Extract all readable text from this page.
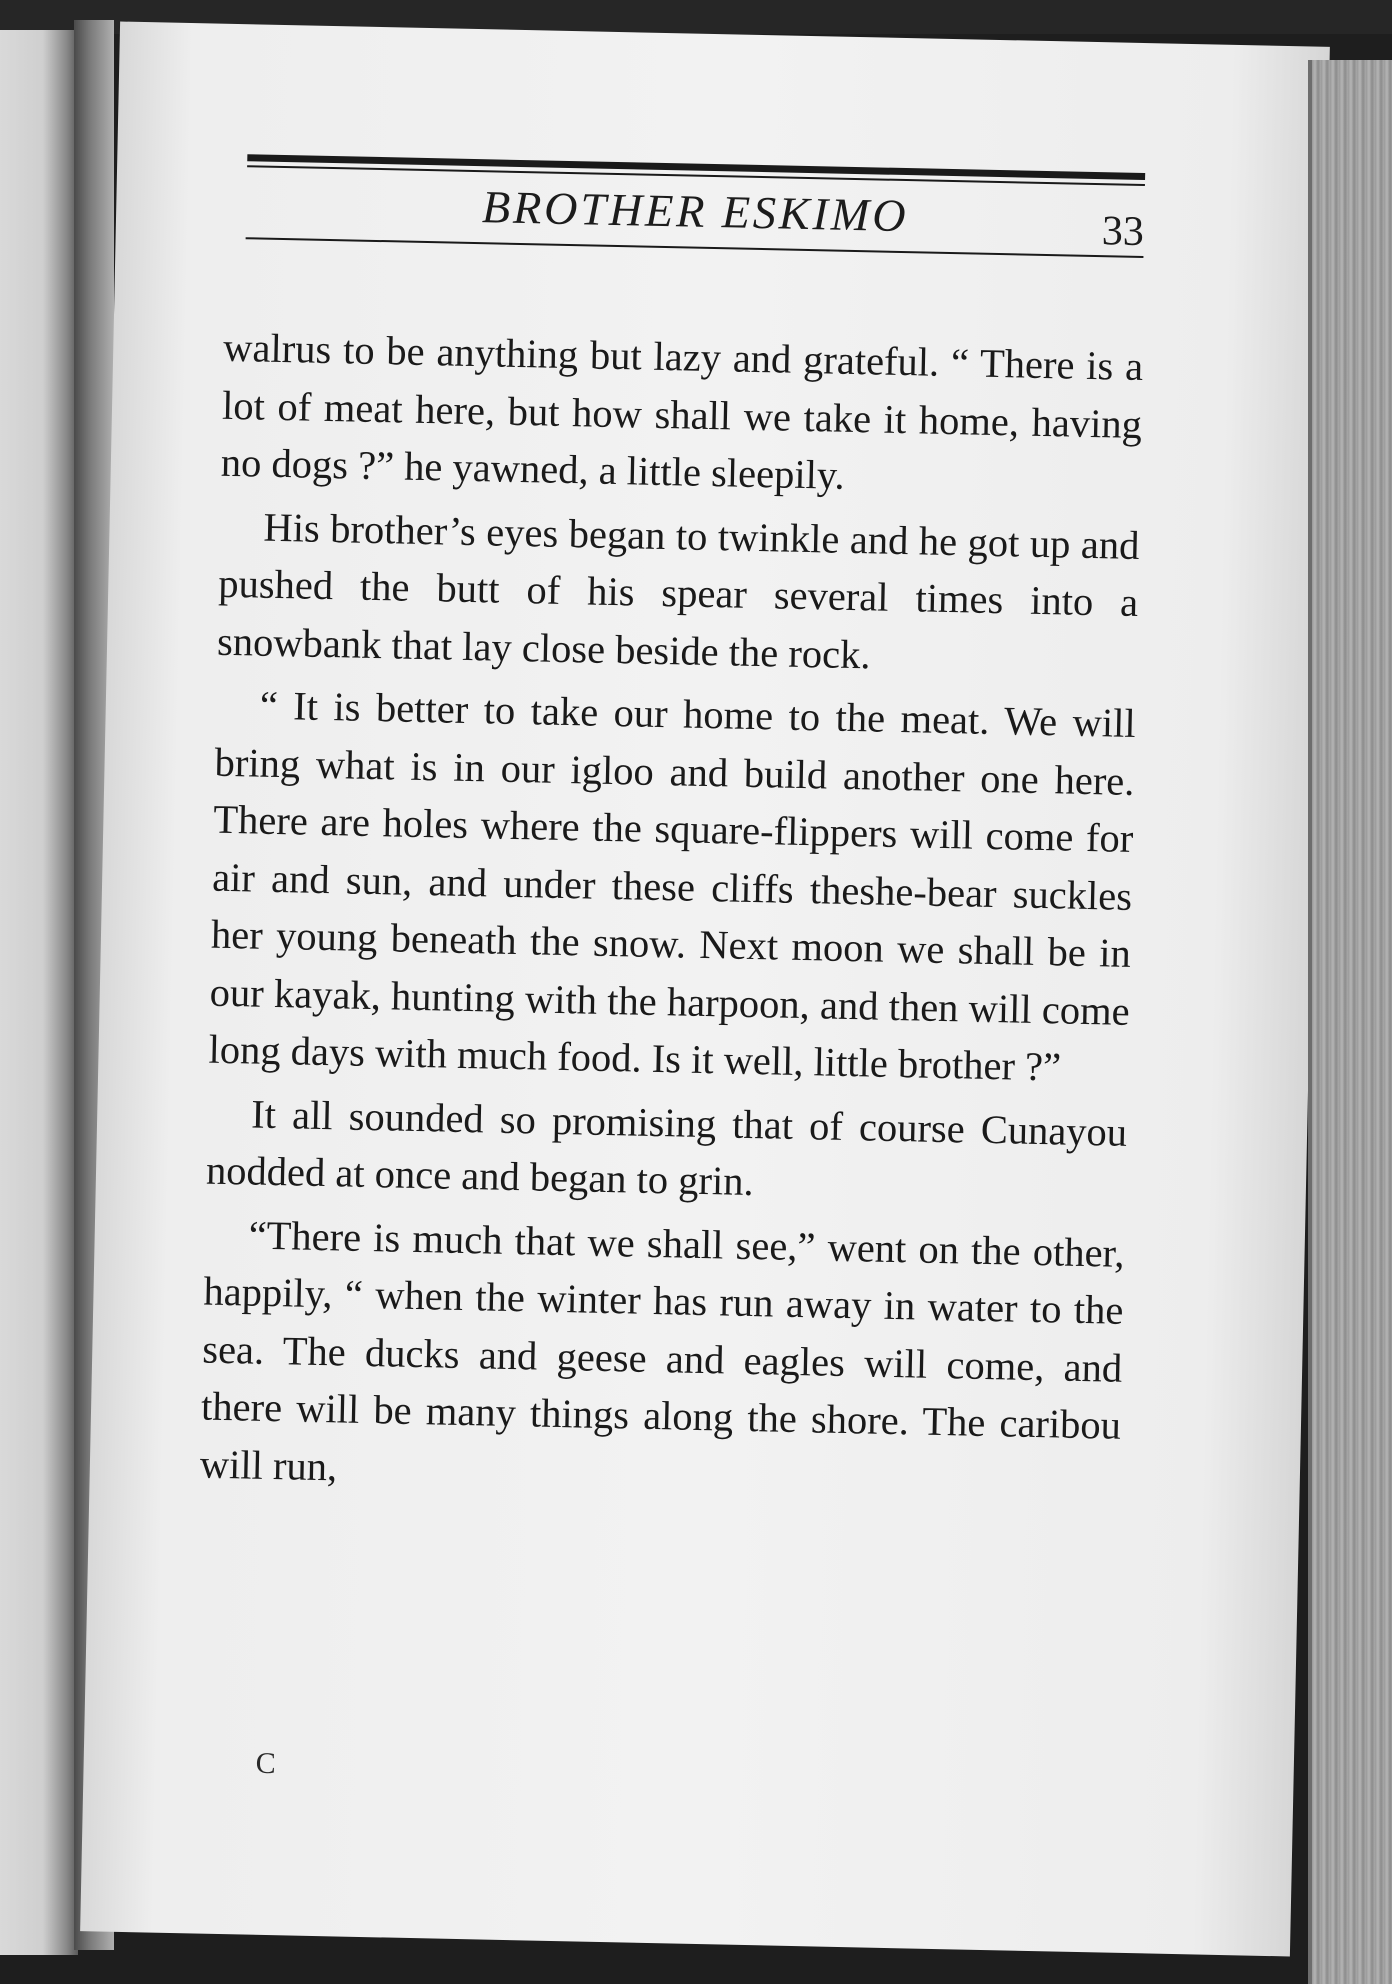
BROTHER ESKIMO	33

walrus to be anything but lazy and grateful. “ There is a lot of meat here, but how shall we take it home, having no dogs ?” he yawned, a little sleepily.

His brother’s eyes began to twinkle and he got up and pushed the butt of his spear several times into a snowbank that lay close beside the rock.

“ It is better to take our home to the meat. We will bring what is in our igloo and build another one here. There are holes where the square-flippers will come for air and sun, and under these cliffs theshe-bear suckles her young beneath the snow. Next moon we shall be in our kayak, hunting with the harpoon, and then will come long days with much food. Is it well, little brother ?”

It all sounded so promising that of course Cunayou nodded at once and began to grin.

“There is much that we shall see,” went on the other, happily, “ when the winter has run away in water to the sea. The ducks and geese and eagles will come, and there will be many things along the shore. The caribou will run,

C
